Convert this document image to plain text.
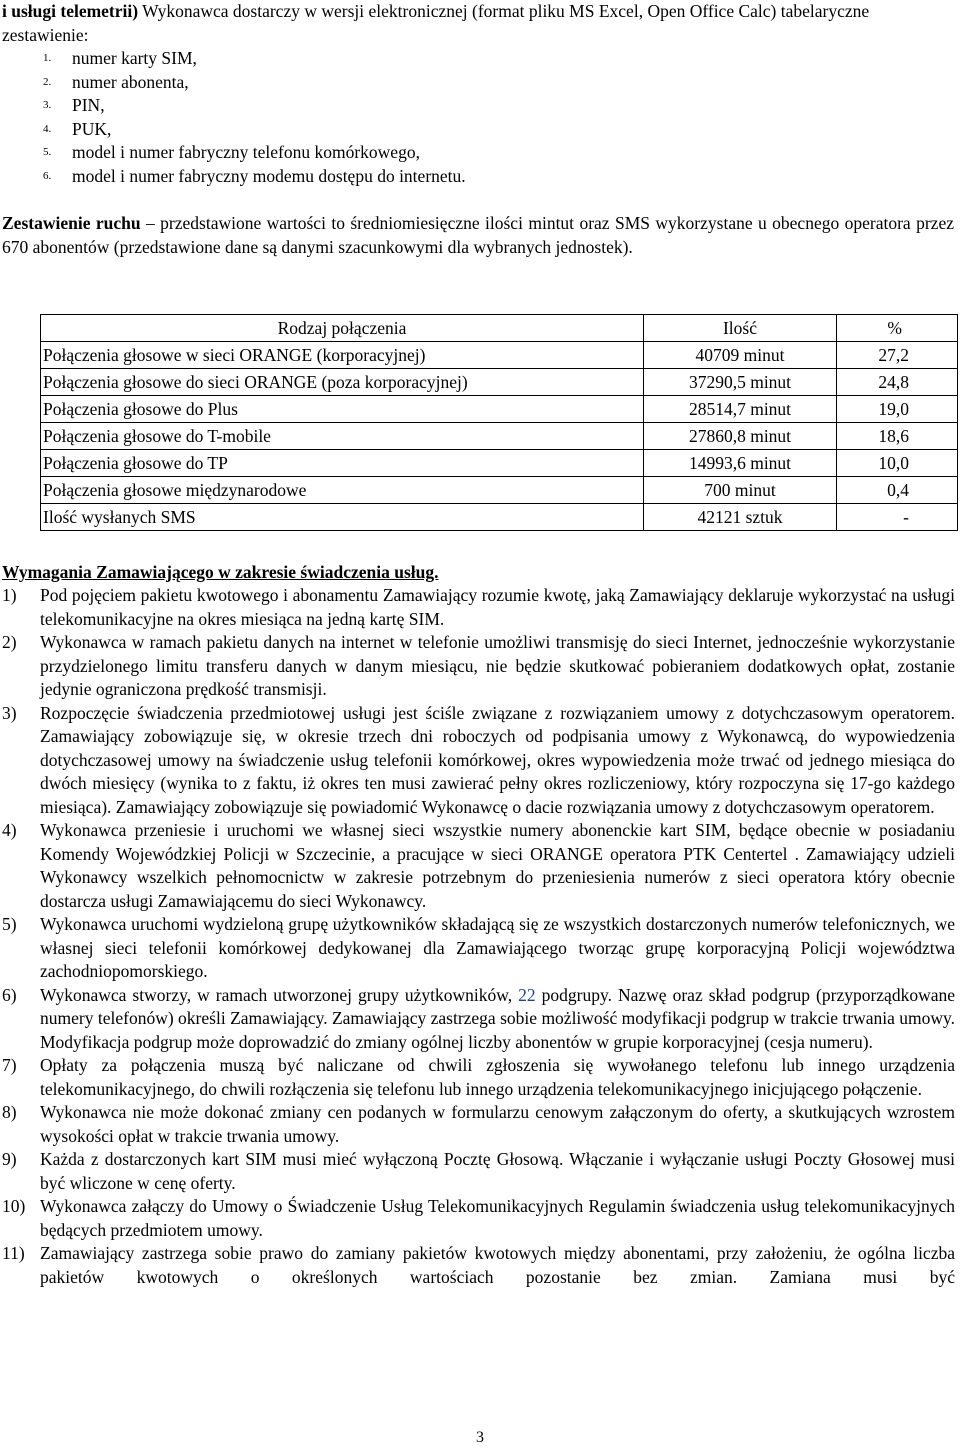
i usługi telemetrii) Wykonawca dostarczy w wersji elektronicznej (format pliku MS Excel, Open Office Calc) tabelaryczne zestawienie:
1.	numer karty SIM,
2.	numer abonenta,
3.	PIN,
4.	PUK,
5.	model i numer fabryczny telefonu komórkowego,
6.	model i numer fabryczny modemu dostępu do internetu.
Zestawienie ruchu – przedstawione wartości to średniomiesięczne ilości mintut oraz SMS wykorzystane u obecnego operatora przez 670 abonentów (przedstawione dane są danymi szacunkowymi dla wybranych jednostek).
Rodzaj połączenia	Ilość	%
Połączenia głosowe w sieci ORANGE (korporacyjnej)	40709 minut	27,2
Połączenia głosowe do sieci ORANGE (poza korporacyjnej)	37290,5 minut	24,8
Połączenia głosowe do Plus	28514,7 minut	19,0
Połączenia głosowe do T-mobile	27860,8 minut	18,6
Połączenia głosowe do TP	14993,6 minut	10,0
Połączenia głosowe międzynarodowe	700 minut	0,4
Ilość wysłanych SMS	42121 sztuk	-
Wymagania Zamawiającego w zakresie świadczenia usług.
1)	Pod pojęciem pakietu kwotowego i abonamentu Zamawiający rozumie kwotę, jaką Zamawiający deklaruje wykorzystać na usługi telekomunikacyjne na okres miesiąca na jedną kartę SIM.
2)	Wykonawca w ramach pakietu danych na internet w telefonie umożliwi transmisję do sieci Internet, jednocześnie wykorzystanie przydzielonego limitu transferu danych w danym miesiącu, nie będzie skutkować pobieraniem dodatkowych opłat, zostanie jedynie ograniczona prędkość transmisji.
3)	Rozpoczęcie świadczenia przedmiotowej usługi jest ściśle związane z rozwiązaniem umowy z dotychczasowym operatorem. Zamawiający zobowiązuje się, w okresie trzech dni roboczych od podpisania umowy z Wykonawcą, do wypowiedzenia dotychczasowej umowy na świadczenie usług telefonii komórkowej, okres wypowiedzenia może trwać od jednego miesiąca do dwóch miesięcy (wynika to z faktu, iż okres ten musi zawierać pełny okres rozliczeniowy, który rozpoczyna się 17-go każdego miesiąca). Zamawiający zobowiązuje się powiadomić Wykonawcę o dacie rozwiązania umowy z dotychczasowym operatorem.
4)	Wykonawca przeniesie i uruchomi we własnej sieci wszystkie numery abonenckie kart SIM, będące obecnie w posiadaniu Komendy Wojewódzkiej Policji w Szczecinie, a pracujące w sieci ORANGE operatora PTK Centertel . Zamawiający udzieli Wykonawcy wszelkich pełnomocnictw w zakresie potrzebnym do przeniesienia numerów z sieci operatora który obecnie dostarcza usługi Zamawiającemu do sieci Wykonawcy.
5)	Wykonawca uruchomi wydzieloną grupę użytkowników składającą się ze wszystkich dostarczonych numerów telefonicznych, we własnej sieci telefonii komórkowej dedykowanej dla Zamawiającego tworząc grupę korporacyjną Policji województwa zachodniopomorskiego.
6)	Wykonawca stworzy, w ramach utworzonej grupy użytkowników, 22 podgrupy. Nazwę oraz skład podgrup (przyporządkowane numery telefonów) określi Zamawiający. Zamawiający zastrzega sobie możliwość modyfikacji podgrup w trakcie trwania umowy. Modyfikacja podgrup może doprowadzić do zmiany ogólnej liczby abonentów w grupie korporacyjnej (cesja numeru).
7)	Opłaty za połączenia muszą być naliczane od chwili zgłoszenia się wywołanego telefonu lub innego urządzenia telekomunikacyjnego, do chwili rozłączenia się telefonu lub innego urządzenia telekomunikacyjnego inicjującego połączenie.
8)	Wykonawca nie może dokonać zmiany cen podanych w formularzu cenowym załączonym do oferty, a skutkujących wzrostem wysokości opłat w trakcie trwania umowy.
9)	Każda z dostarczonych kart SIM musi mieć wyłączoną Pocztę Głosową. Włączanie i wyłączanie usługi Poczty Głosowej musi być wliczone w cenę oferty.
10) Wykonawca załączy do Umowy o Świadczenie Usług Telekomunikacyjnych Regulamin świadczenia usług telekomunikacyjnych będących przedmiotem umowy.
11) Zamawiający zastrzega sobie prawo do zamiany pakietów kwotowych między abonentami, przy założeniu, że ogólna liczba pakietów kwotowych o określonych wartościach pozostanie bez zmian. Zamiana musi być
3
